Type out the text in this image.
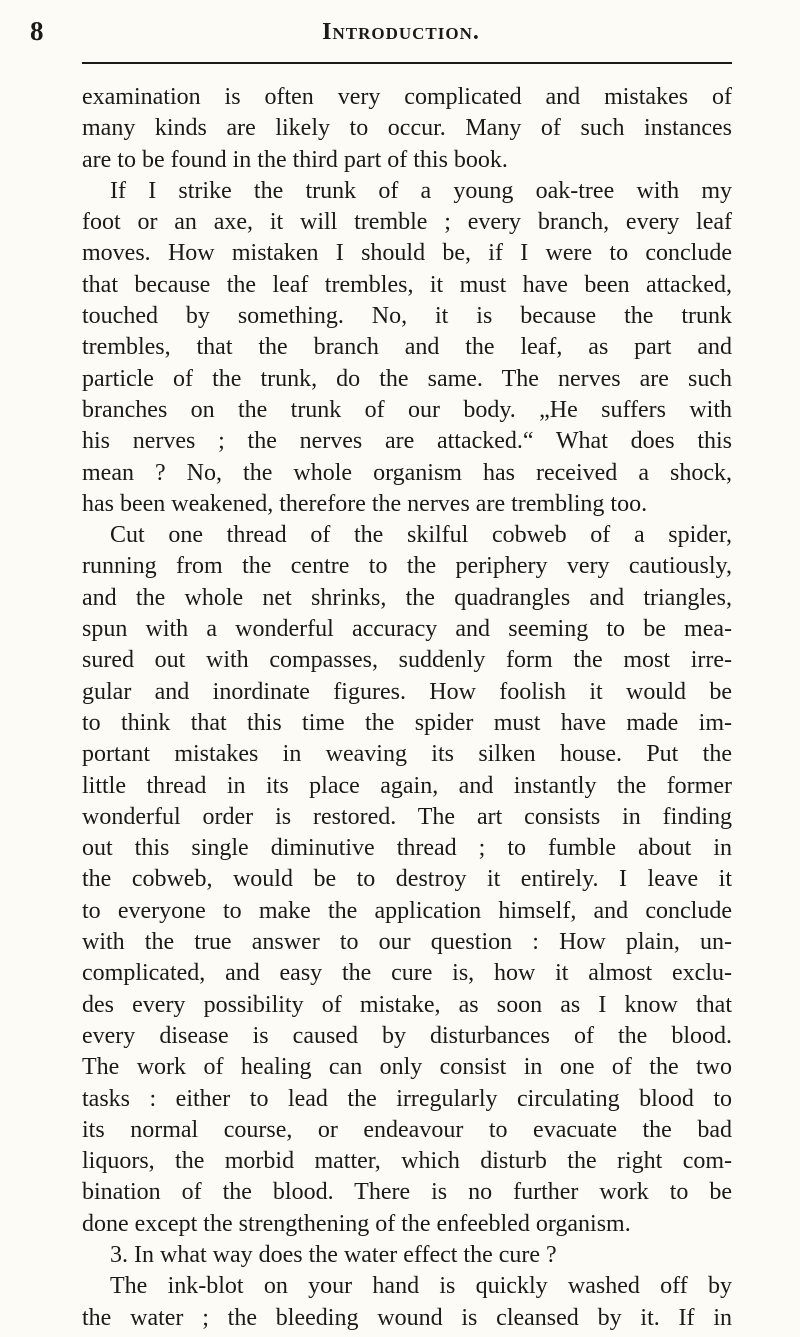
8	Introduction.
examination is often very complicated and mistakes of
many kinds are likely to occur. Many of such instances
are to be found in the third part of this book.
If I strike the trunk of a young oak-tree with my
foot or an axe, it will tremble ; every branch, every leaf
moves. How mistaken I should be, if I were to conclude
that because the leaf trembles, it must have been attacked,
touched by something. No, it is because the trunk
trembles, that the branch and the leaf, as part and
particle of the trunk, do the same. The nerves are such
branches on the trunk of our body. „He suffers with
his nerves ; the nerves are attacked.“ What does this
mean ? No, the whole organism has received a shock,
has been weakened, therefore the nerves are trembling too.
Cut one thread of the skilful cobweb of a spider,
running from the centre to the periphery very cautiously,
and the whole net shrinks, the quadrangles and triangles,
spun with a wonderful accuracy and seeming to be mea-
sured out with compasses, suddenly form the most irre-
gular and inordinate figures. How foolish it would be
to think that this time the spider must have made im-
portant mistakes in weaving its silken house. Put the
little thread in its place again, and instantly the former
wonderful order is restored. The art consists in finding
out this single diminutive thread ; to fumble about in
the cobweb, would be to destroy it entirely. I leave it
to everyone to make the application himself, and conclude
with the true answer to our question : How plain, un-
complicated, and easy the cure is, how it almost exclu-
des every possibility of mistake, as soon as I know that
every disease is caused by disturbances of the blood.
The work of healing can only consist in one of the two
tasks : either to lead the irregularly circulating blood to
its normal course, or endeavour to evacuate the bad
liquors, the morbid matter, which disturb the right com-
bination of the blood. There is no further work to be
done except the strengthening of the enfeebled organism.
3. In what way does the water effect the cure ?
The ink-blot on your hand is quickly washed off by
the water ; the bleeding wound is cleansed by it. If in
